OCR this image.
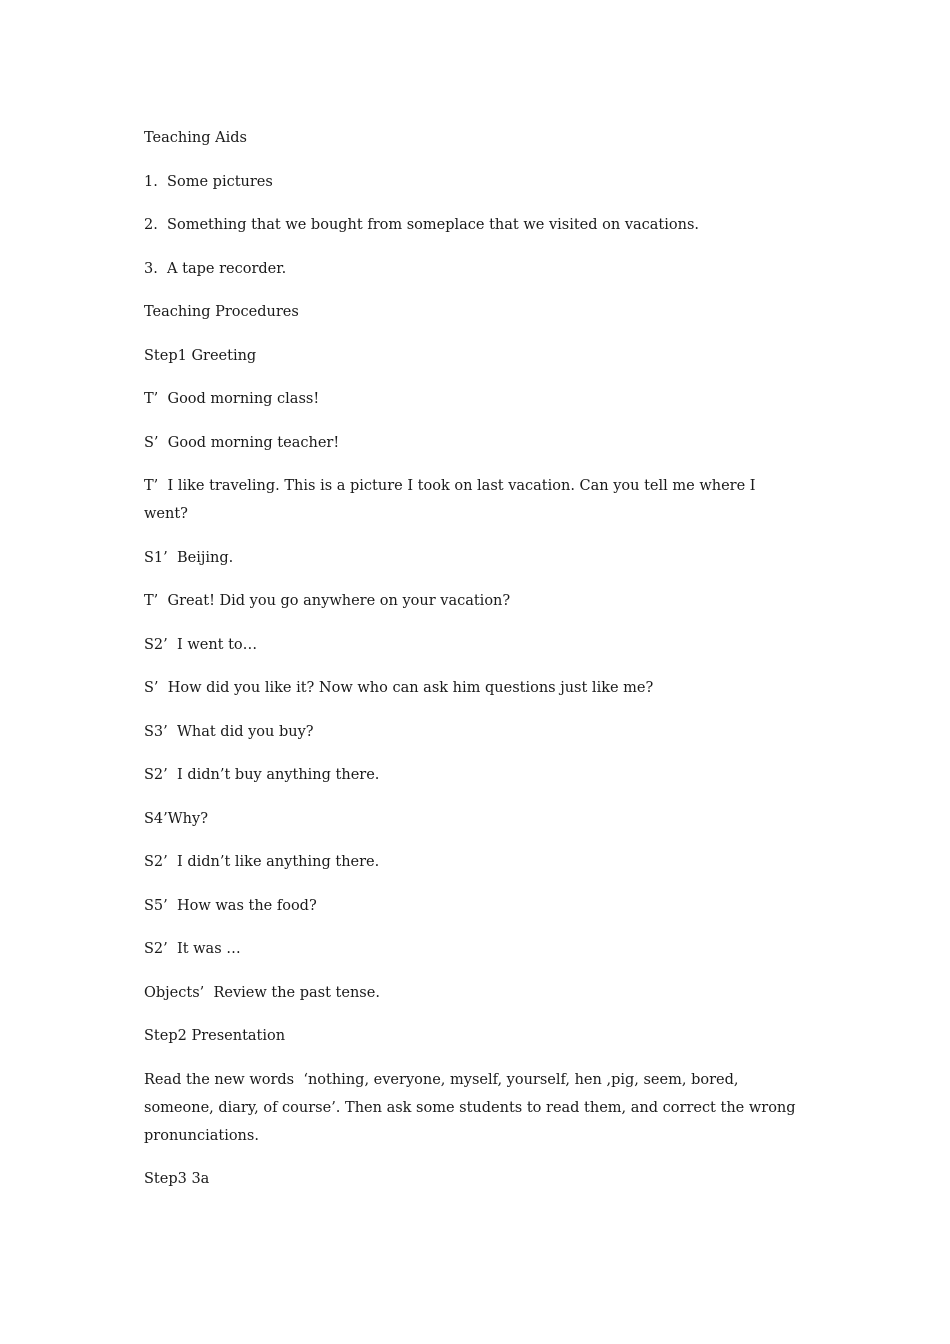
Teaching Aids

1.  Some pictures

2.  Something that we bought from someplace that we visited on vacations.

3.  A tape recorder.

Teaching Procedures

Step1 Greeting

T’  Good morning class!

S’  Good morning teacher!

T’  I like traveling. This is a picture I took on last vacation. Can you tell me where I went?

S1’  Beijing.

T’  Great! Did you go anywhere on your vacation?

S2’  I went to…

S’  How did you like it? Now who can ask him questions just like me?

S3’  What did you buy?

S2’  I didn’t buy anything there.

S4’Why?

S2’  I didn’t like anything there.

S5’  How was the food?

S2’  It was …

Objects’  Review the past tense.

Step2 Presentation

Read the new words  ‘nothing, everyone, myself, yourself, hen ,pig, seem, bored, someone, diary, of course’. Then ask some students to read them, and correct the wrong pronunciations.

Step3 3a
